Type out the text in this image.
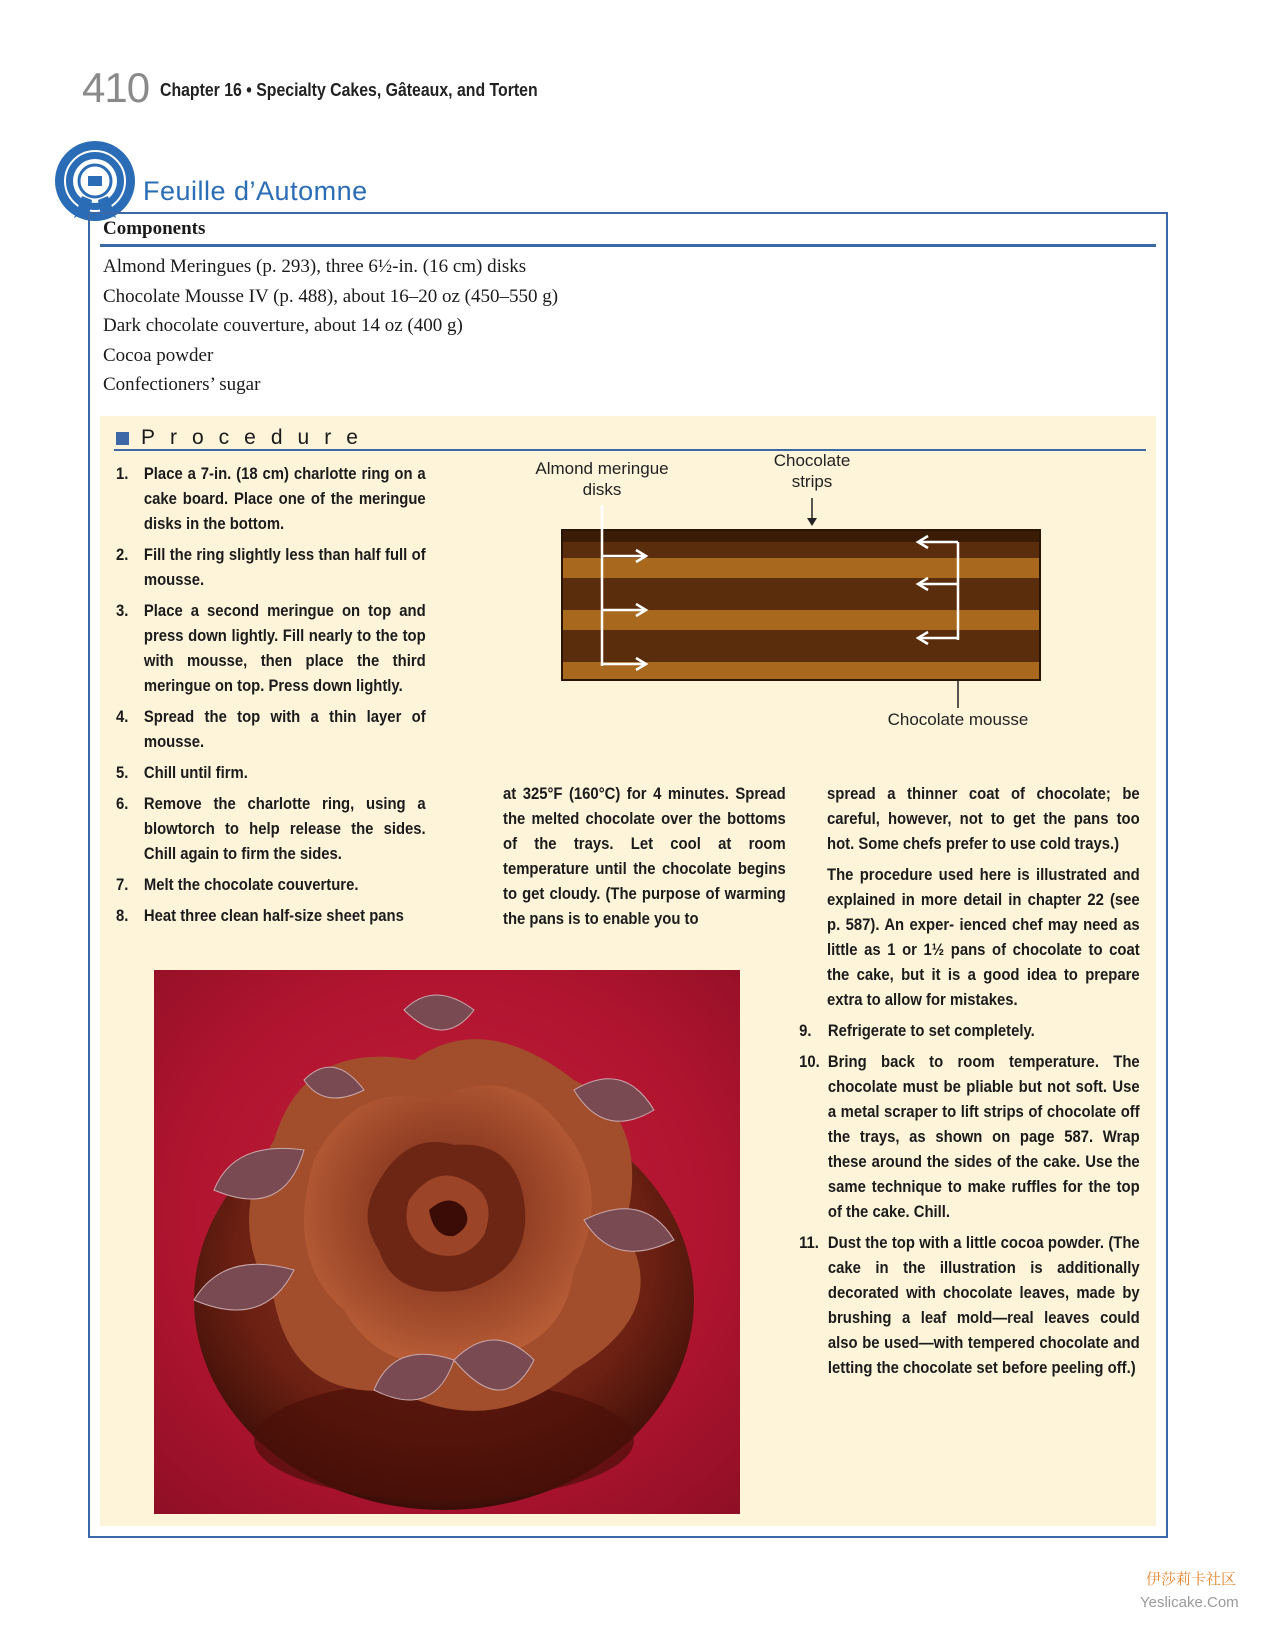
410 Chapter 16 • Specialty Cakes, Gâteaux, and Torten
Feuille d’Automne
Components
Almond Meringues (p. 293), three 6½-in. (16 cm) disks
Chocolate Mousse IV (p. 488), about 16–20 oz (450–550 g)
Dark chocolate couverture, about 14 oz (400 g)
Cocoa powder
Confectioners’ sugar
Procedure
1. Place a 7-in. (18 cm) charlotte ring on a cake board. Place one of the meringue disks in the bottom.
2. Fill the ring slightly less than half full of mousse.
3. Place a second meringue on top and press down lightly. Fill nearly to the top with mousse, then place the third meringue on top. Press down lightly.
4. Spread the top with a thin layer of mousse.
5. Chill until firm.
6. Remove the charlotte ring, using a blowtorch to help release the sides. Chill again to firm the sides.
7. Melt the chocolate couverture.
8. Heat three clean half-size sheet pans
at 325°F (160°C) for 4 minutes. Spread the melted chocolate over the bottoms of the trays. Let cool at room temperature until the chocolate begins to get cloudy. (The purpose of warming the pans is to enable you to
spread a thinner coat of chocolate; be careful, however, not to get the pans too hot. Some chefs prefer to use cold trays.)
The procedure used here is illustrated and explained in more detail in chapter 22 (see p. 587). An exper- ienced chef may need as little as 1 or 1½ pans of chocolate to coat the cake, but it is a good idea to prepare extra to allow for mistakes.
9. Refrigerate to set completely.
10. Bring back to room temperature. The chocolate must be pliable but not soft. Use a metal scraper to lift strips of chocolate off the trays, as shown on page 587. Wrap these around the sides of the cake. Use the same technique to make ruffles for the top of the cake. Chill.
11. Dust the top with a little cocoa powder. (The cake in the illustration is additionally decorated with chocolate leaves, made by brushing a leaf mold—real leaves could also be used—with tempered chocolate and letting the chocolate set before peeling off.)
Almond meringue
disks
Chocolate
strips
Chocolate mousse
伊莎莉卡社区
Yeslicake.Com
